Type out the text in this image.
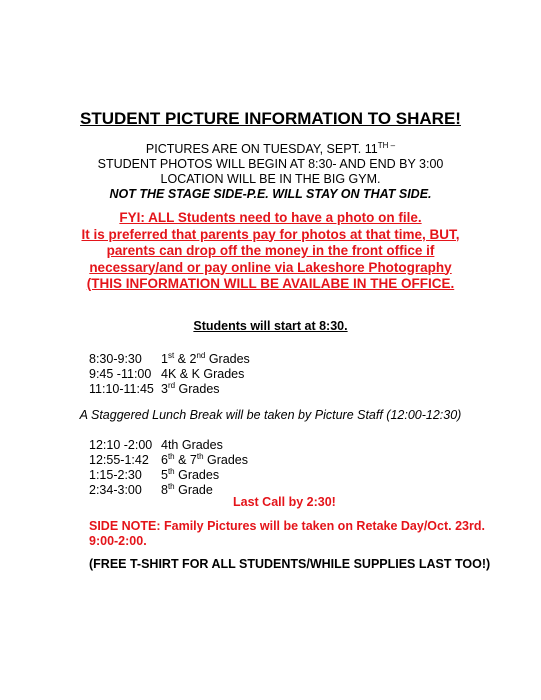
STUDENT PICTURE INFORMATION TO SHARE!
PICTURES ARE ON TUESDAY, SEPT. $11^{TH -}$
STUDENT PHOTOS WILL BEGIN AT 8:30- AND END BY 3:00
LOCATION WILL BE IN THE BIG GYM.
NOT THE STAGE SIDE-P.E. WILL STAY ON THAT SIDE.
FYI: ALL Students need to have a photo on file.
It is preferred that parents pay for photos at that time, BUT,
parents can drop off the money in the front office if
necessary/and or pay online via Lakeshore Photography
(THIS INFORMATION WILL BE AVAILABE IN THE OFFICE.
Students will start at 8:30.
8:30-9:30 1st & 2nd Grades
9:45 -11:00 4K & K Grades
11:10-11:45 3rd Grades
A Staggered Lunch Break will be taken by Picture Staff (12:00-12:30)
12:10 -2:00 4th Grades
12:55-1:42 6th & 7th Grades
1:15-2:30 5th Grades
2:34-3:00 8th Grade
Last Call by 2:30!
SIDE NOTE: Family Pictures will be taken on Retake Day/Oct. 23rd.
9:00-2:00.
(FREE T-SHIRT FOR ALL STUDENTS/WHILE SUPPLIES LAST TOO!)
